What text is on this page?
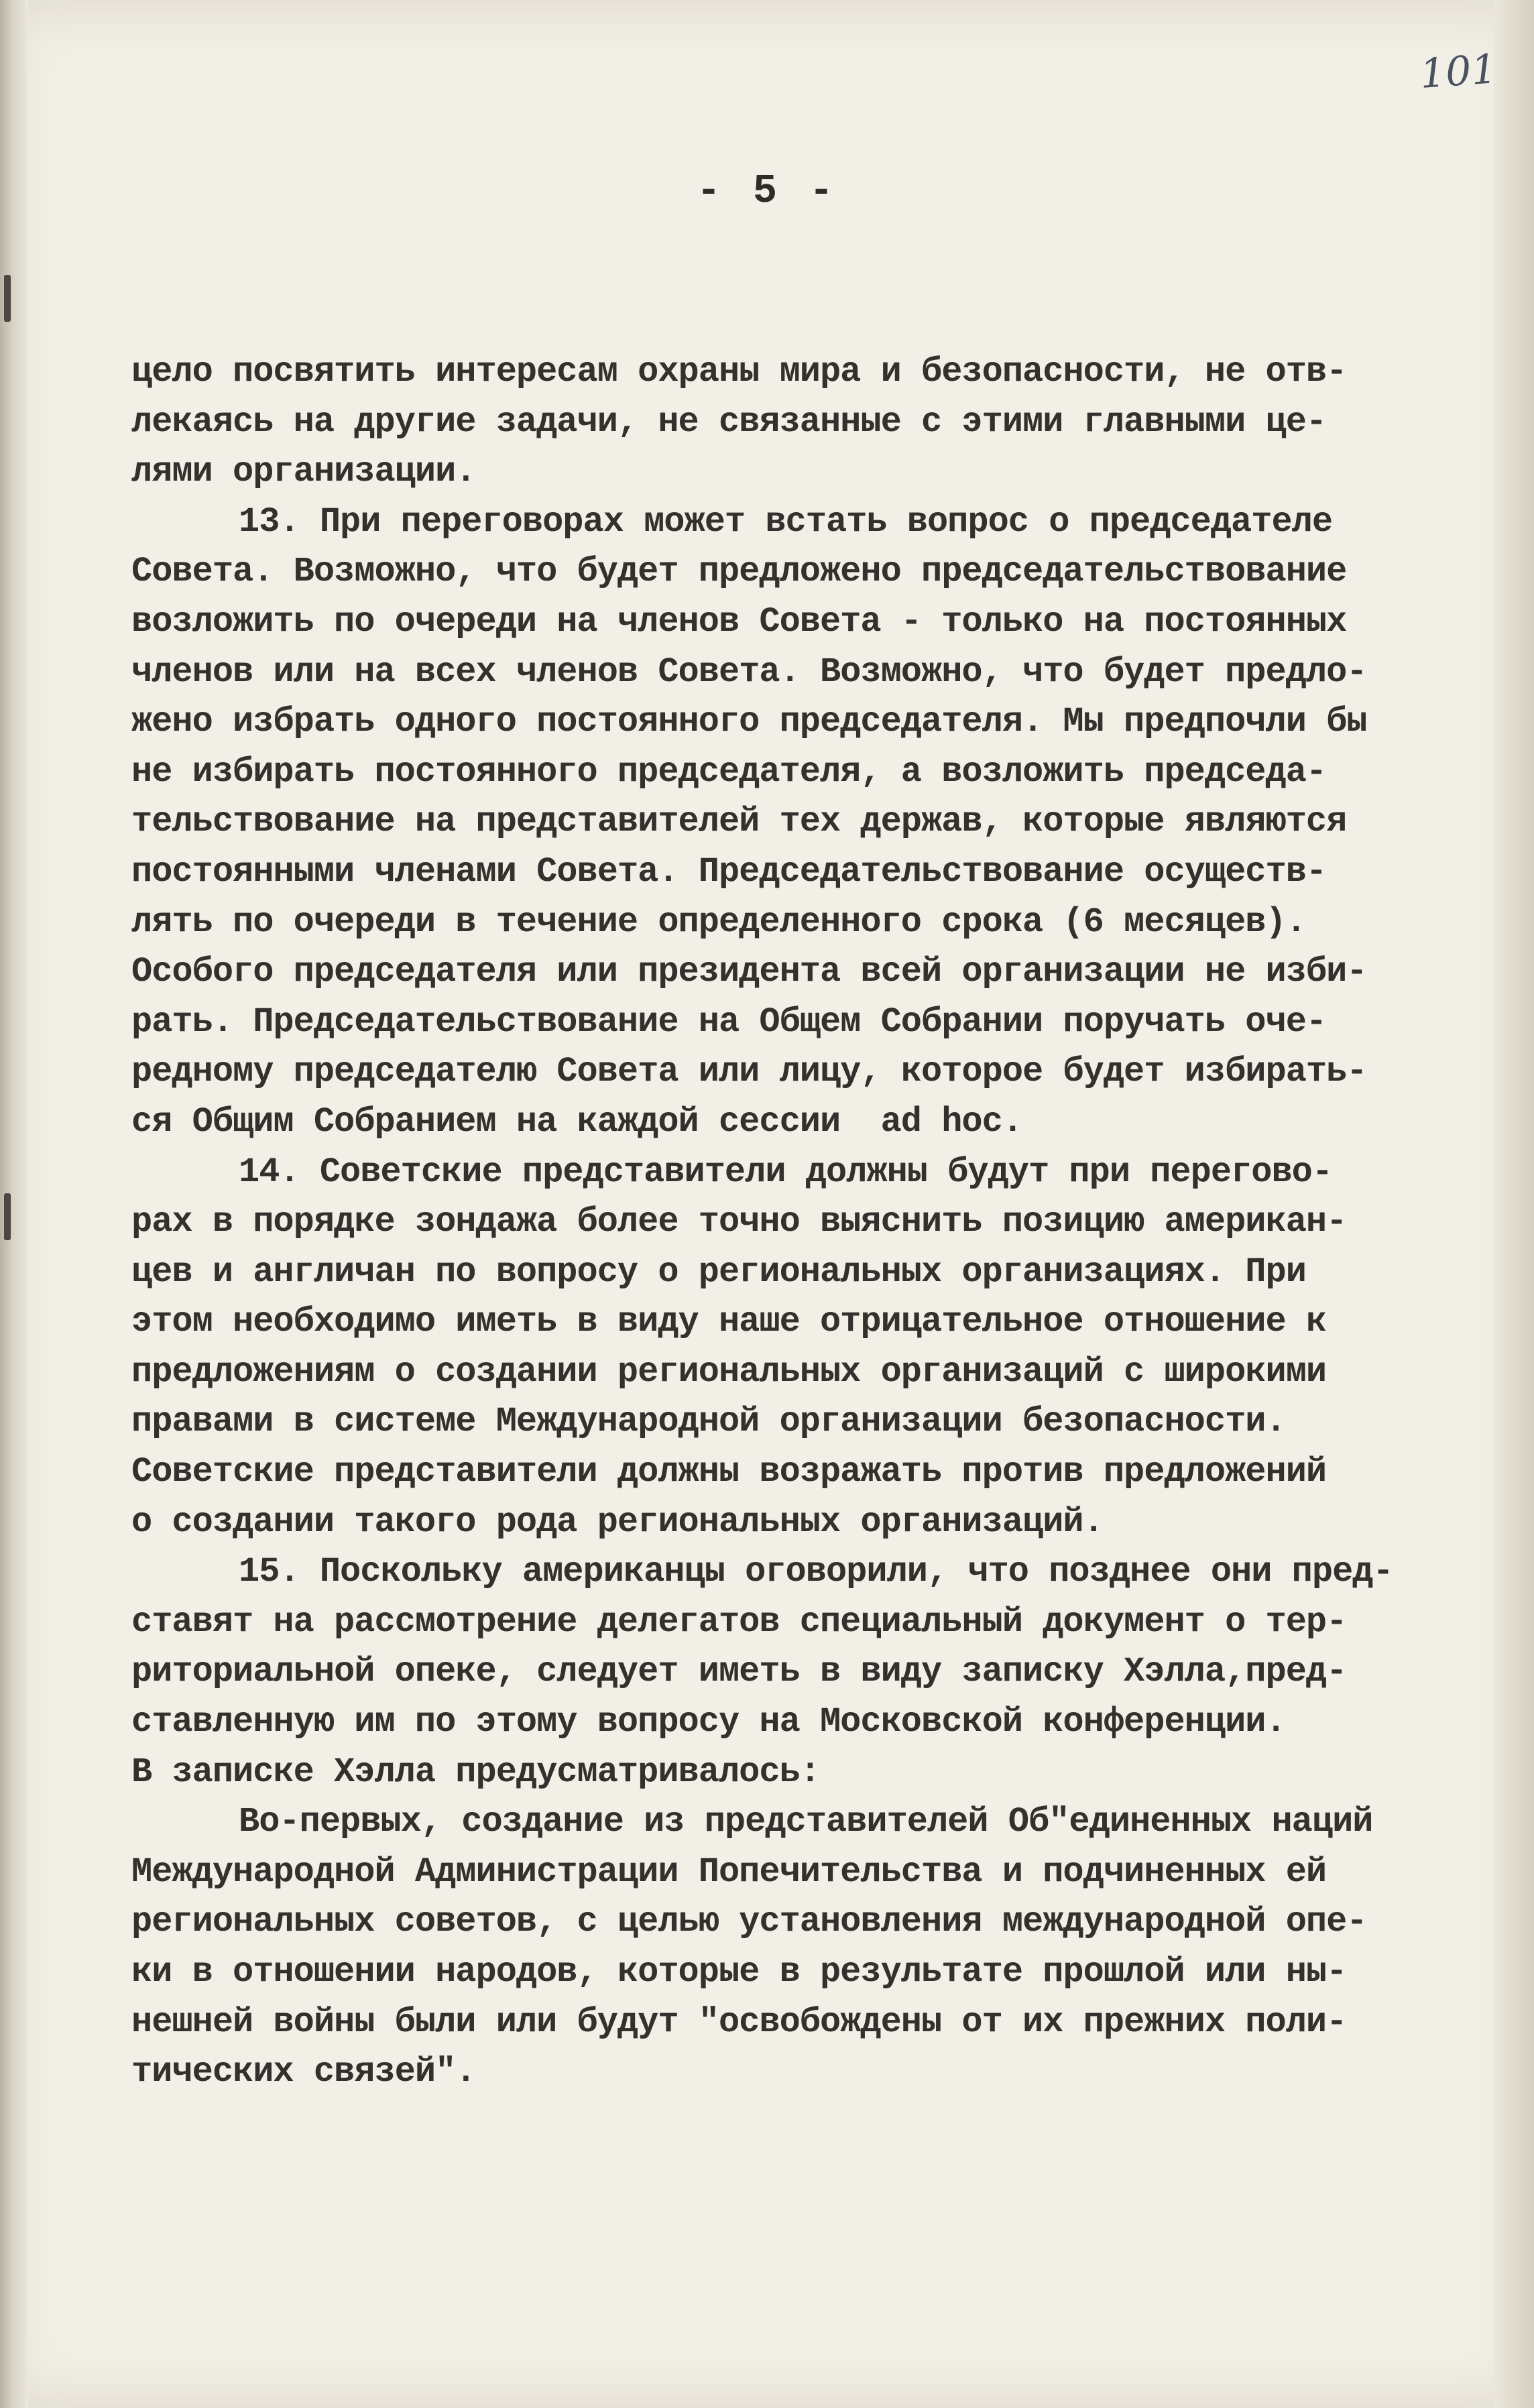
101
- 5 -
цело посвятить интересам охраны мира и безопасности, не отв-
лекаясь на другие задачи, не связанные с этими главными це-
лями организации.
13. При переговорах может встать вопрос о председателе
Совета. Возможно, что будет предложено председательствование
возложить по очереди на членов Совета - только на постоянных
членов или на всех членов Совета. Возможно, что будет предло-
жено избрать одного постоянного председателя. Мы предпочли бы
не избирать постоянного председателя, а возложить председа-
тельствование на представителей тех держав, которые являются
постоянными членами Совета. Председательствование осуществ-
лять по очереди в течение определенного срока (6 месяцев).
Особого председателя или президента всей организации не изби-
рать. Председательствование на Общем Собрании поручать оче-
редному председателю Совета или лицу, которое будет избирать-
ся Общим Собранием на каждой сессии  ad hoc.
14. Советские представители должны будут при перегово-
рах в порядке зондажа более точно выяснить позицию американ-
цев и англичан по вопросу о региональных организациях. При
этом необходимо иметь в виду наше отрицательное отношение к
предложениям о создании региональных организаций с широкими
правами в системе Международной организации безопасности.
Советские представители должны возражать против предложений
о создании такого рода региональных организаций.
15. Поскольку американцы оговорили, что позднее они пред-
ставят на рассмотрение делегатов специальный документ о тер-
риториальной опеке, следует иметь в виду записку Хэлла,пред-
ставленную им по этому вопросу на Московской конференции.
В записке Хэлла предусматривалось:
Во-первых, создание из представителей Об"единенных наций
Международной Администрации Попечительства и подчиненных ей
региональных советов, с целью установления международной опе-
ки в отношении народов, которые в результате прошлой или ны-
нешней войны были или будут "освобождены от их прежних поли-
тических связей".
